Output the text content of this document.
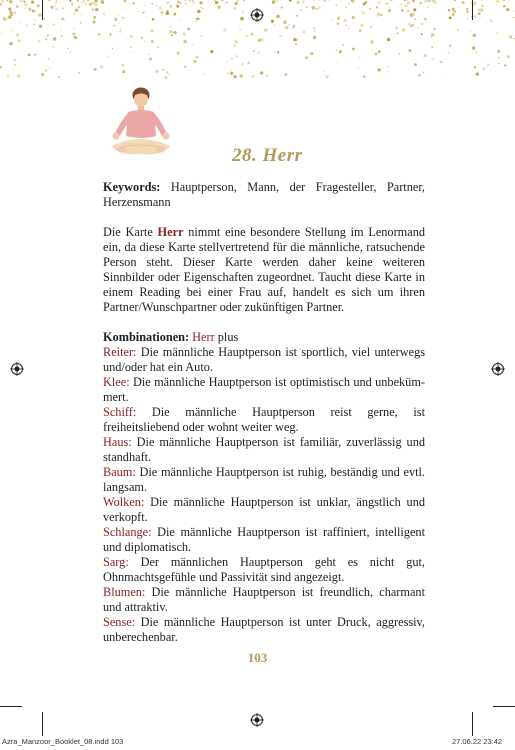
28. Herr

Keywords: Hauptperson, Mann, der Fragesteller, Partner, Herzensmann

Die Karte Herr nimmt eine besondere Stellung im Lenormand ein, da diese Karte stellvertretend für die männliche, ratsuchende Person steht. Dieser Karte werden daher keine weiteren Sinnbilder oder Eigenschaften zugeordnet. Taucht diese Karte in einem Reading bei einer Frau auf, handelt es sich um ihren Partner/Wunschpartner oder zukünftigen Partner.

Kombinationen: Herr plus

Reiter: Die männliche Hauptperson ist sportlich, viel unterwegs und/oder hat ein Auto.

Klee: Die männliche Hauptperson ist optimistisch und unbekümmert.

Schiff: Die männliche Hauptperson reist gerne, ist freiheitsliebend oder wohnt weiter weg.

Haus: Die männliche Hauptperson ist familiär, zuverlässig und standhaft.

Baum: Die männliche Hauptperson ist ruhig, beständig und evtl. langsam.

Wolken: Die männliche Hauptperson ist unklar, ängstlich und verkopft.

Schlange: Die männliche Hauptperson ist raffiniert, intelligent und diplomatisch.

Sarg: Der männlichen Hauptperson geht es nicht gut, Ohnmachtsgefühle und Passivität sind angezeigt.

Blumen: Die männliche Hauptperson ist freundlich, charmant und attraktiv.

Sense: Die männliche Hauptperson ist unter Druck, aggressiv, unberechenbar.

103
Azra_Manzoor_Booklet_08.indd 103	27.06.22 23:42
